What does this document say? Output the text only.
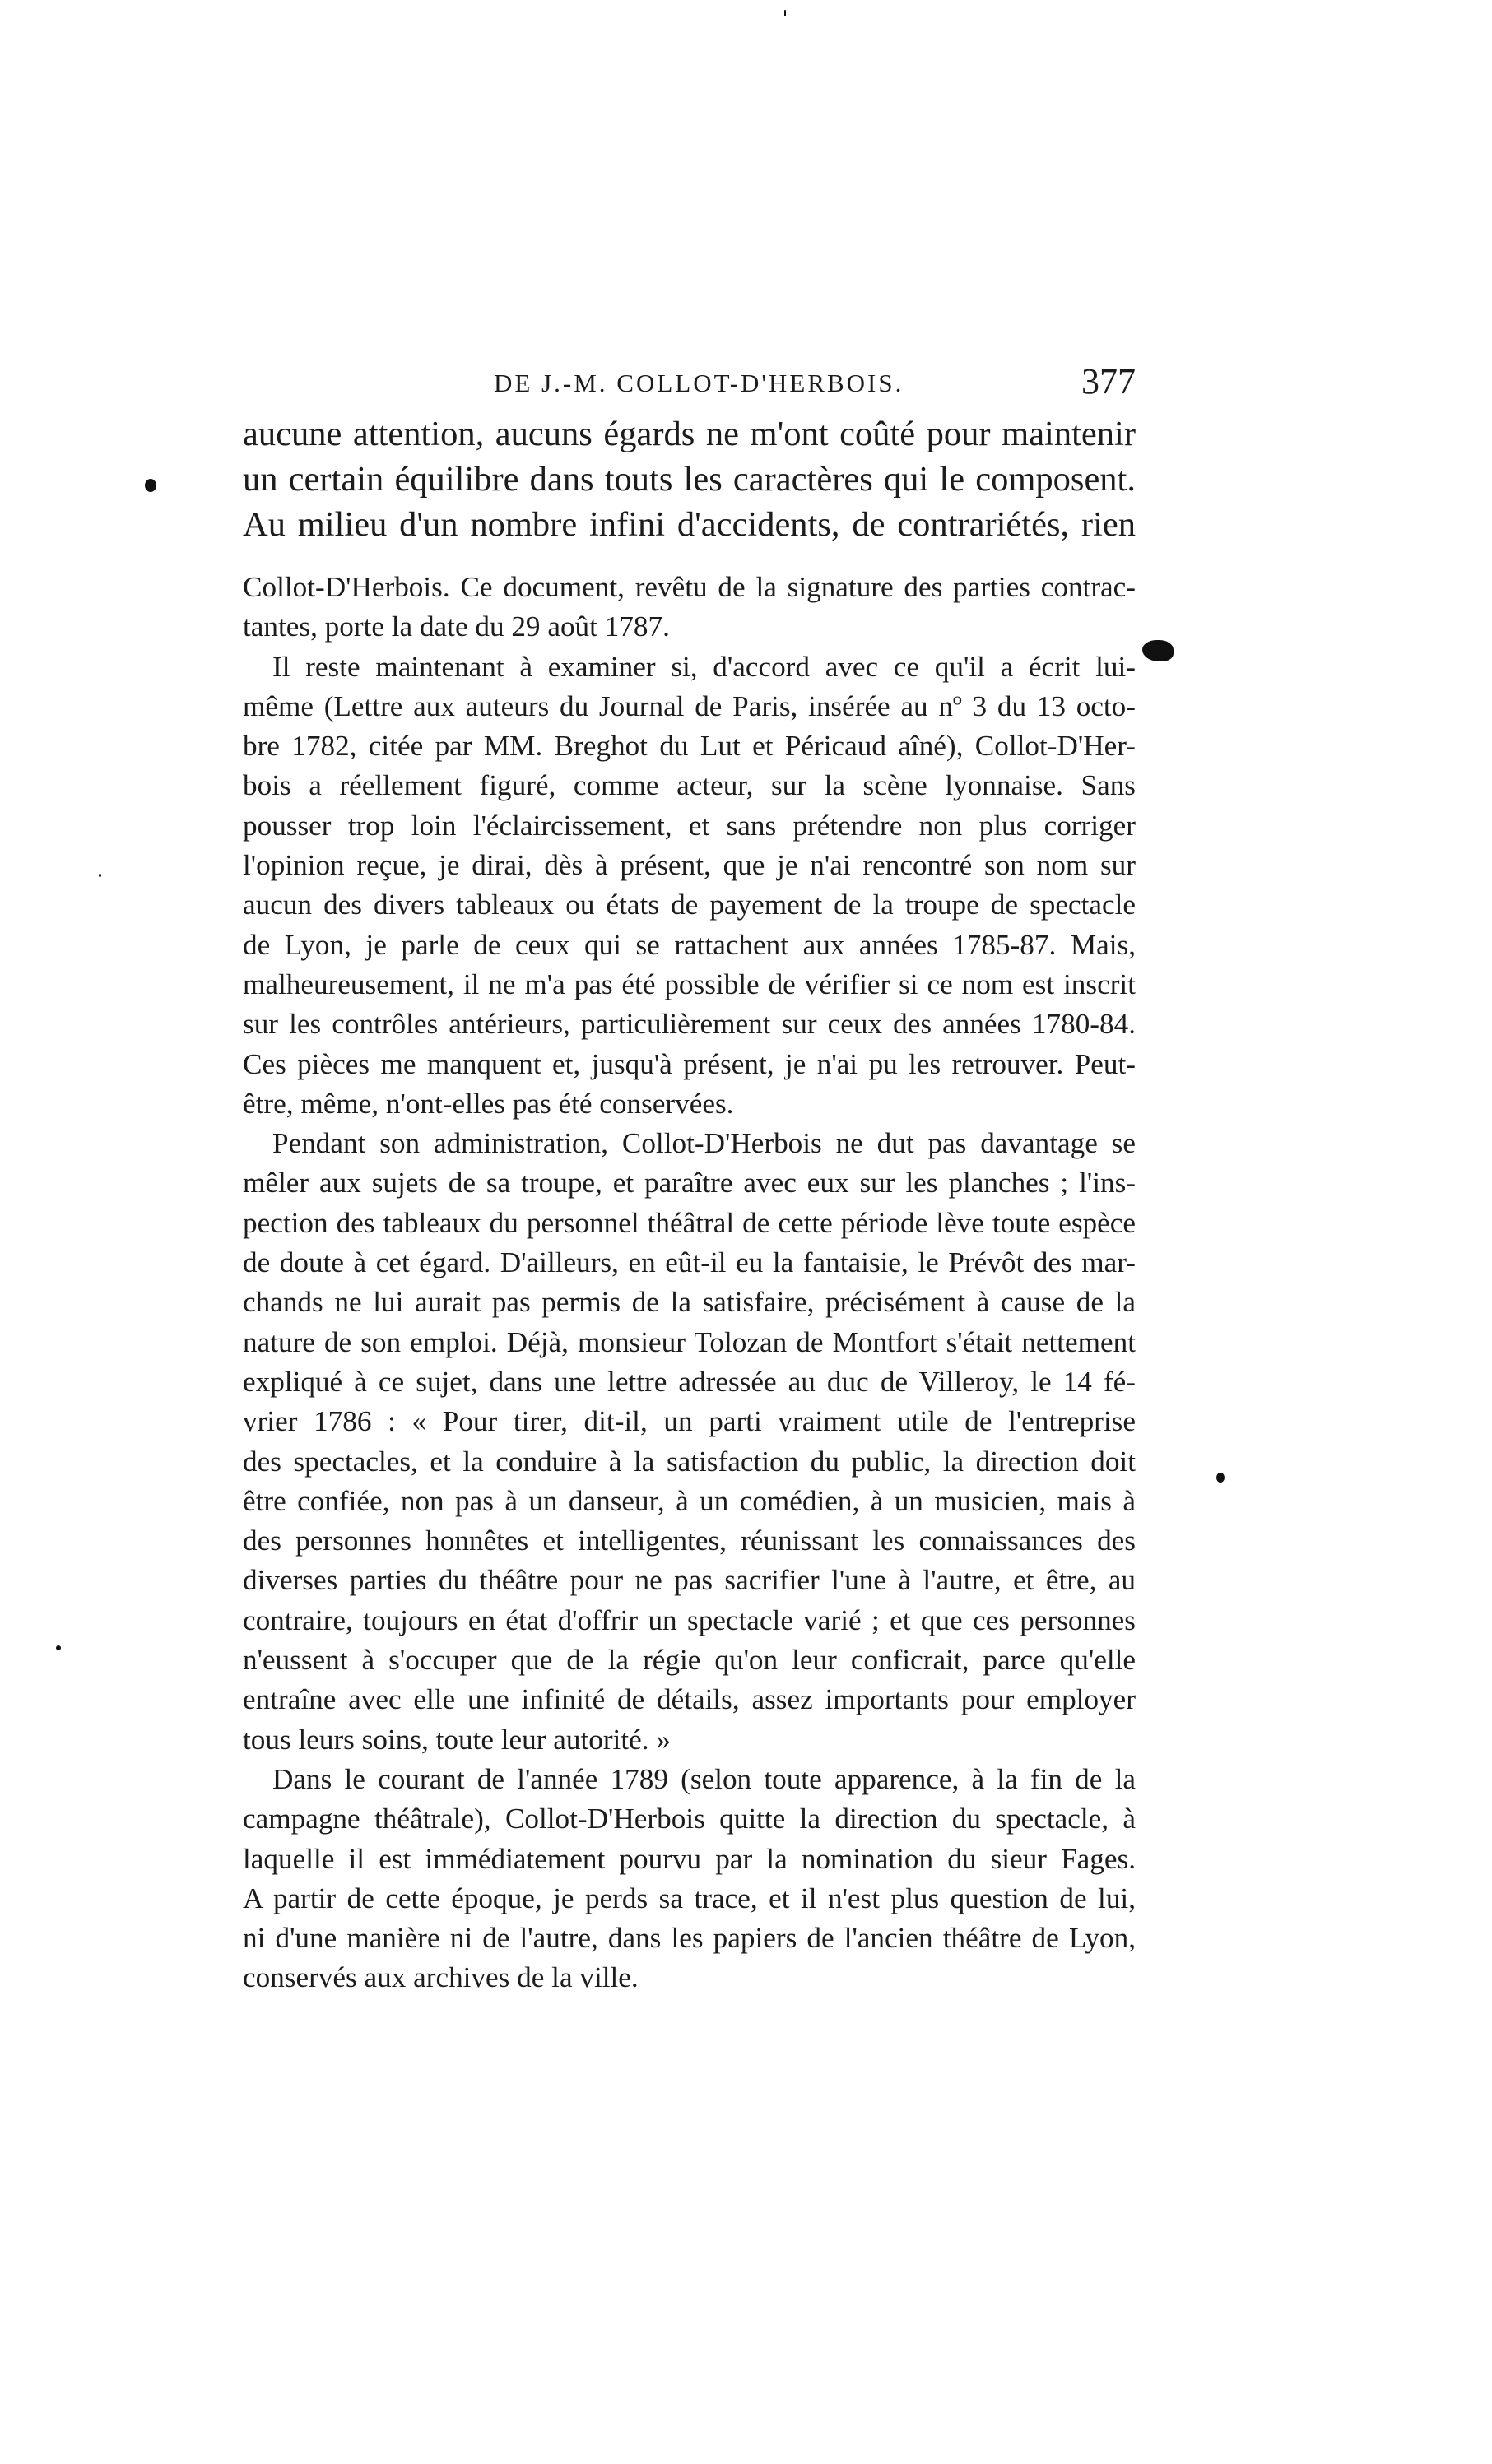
DE J.-M. COLLOT-D'HERBOIS.	377

aucune attention, aucuns égards ne m'ont coûté pour maintenir

un certain équilibre dans touts les caractères qui le composent.

Au milieu d'un nombre infini d'accidents, de contrariétés, rien

Collot-D'Herbois. Ce document, revêtu de la signature des parties contrac-
tantes, porte la date du 29 août 1787.
Il reste maintenant à examiner si, d'accord avec ce qu'il a écrit lui-
même (Lettre aux auteurs du Journal de Paris, insérée au nº 3 du 13 octo-
bre 1782, citée par MM. Breghot du Lut et Péricaud aîné), Collot-D'Her-
bois a réellement figuré, comme acteur, sur la scène lyonnaise. Sans
pousser trop loin l'éclaircissement, et sans prétendre non plus corriger
l'opinion reçue, je dirai, dès à présent, que je n'ai rencontré son nom sur
aucun des divers tableaux ou états de payement de la troupe de spectacle
de Lyon, je parle de ceux qui se rattachent aux années 1785-87. Mais,
malheureusement, il ne m'a pas été possible de vérifier si ce nom est inscrit
sur les contrôles antérieurs, particulièrement sur ceux des années 1780-84.
Ces pièces me manquent et, jusqu'à présent, je n'ai pu les retrouver. Peut-
être, même, n'ont-elles pas été conservées.
Pendant son administration, Collot-D'Herbois ne dut pas davantage se
mêler aux sujets de sa troupe, et paraître avec eux sur les planches ; l'ins-
pection des tableaux du personnel théâtral de cette période lève toute espèce
de doute à cet égard. D'ailleurs, en eût-il eu la fantaisie, le Prévôt des mar-
chands ne lui aurait pas permis de la satisfaire, précisément à cause de la
nature de son emploi. Déjà, monsieur Tolozan de Montfort s'était nettement
expliqué à ce sujet, dans une lettre adressée au duc de Villeroy, le 14 fé-
vrier 1786 : « Pour tirer, dit-il, un parti vraiment utile de l'entreprise
des spectacles, et la conduire à la satisfaction du public, la direction doit
être confiée, non pas à un danseur, à un comédien, à un musicien, mais à
des personnes honnêtes et intelligentes, réunissant les connaissances des
diverses parties du théâtre pour ne pas sacrifier l'une à l'autre, et être, au
contraire, toujours en état d'offrir un spectacle varié ; et que ces personnes
n'eussent à s'occuper que de la régie qu'on leur conficrait, parce qu'elle
entraîne avec elle une infinité de détails, assez importants pour employer
tous leurs soins, toute leur autorité. »
Dans le courant de l'année 1789 (selon toute apparence, à la fin de la
campagne théâtrale), Collot-D'Herbois quitte la direction du spectacle, à
laquelle il est immédiatement pourvu par la nomination du sieur Fages.
A partir de cette époque, je perds sa trace, et il n'est plus question de lui,
ni d'une manière ni de l'autre, dans les papiers de l'ancien théâtre de Lyon,
conservés aux archives de la ville.
